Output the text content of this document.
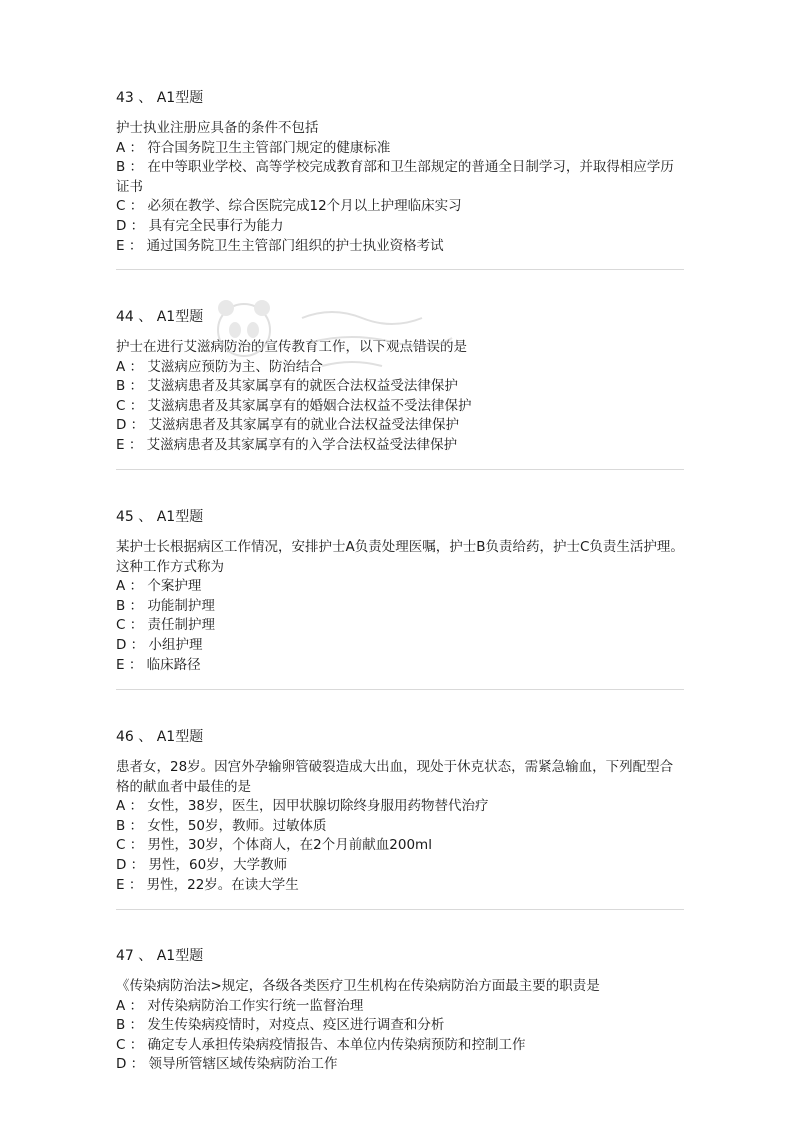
43 、 A1型题
护士执业注册应具备的条件不包括
A ： 符合国务院卫生主管部门规定的健康标准
B ： 在中等职业学校、高等学校完成教育部和卫生部规定的普通全日制学习，并取得相应学历证书
C ： 必须在教学、综合医院完成12个月以上护理临床实习
D ： 具有完全民事行为能力
E ： 通过国务院卫生主管部门组织的护士执业资格考试
44 、 A1型题
护士在进行艾滋病防治的宣传教育工作，以下观点错误的是
A ： 艾滋病应预防为主、防治结合
B ： 艾滋病患者及其家属享有的就医合法权益受法律保护
C ： 艾滋病患者及其家属享有的婚姻合法权益不受法律保护
D ： 艾滋病患者及其家属享有的就业合法权益受法律保护
E ： 艾滋病患者及其家属享有的入学合法权益受法律保护
45 、 A1型题
某护士长根据病区工作情况，安排护士A负责处理医嘱，护士B负责给药，护士C负责生活护理。这种工作方式称为
A ： 个案护理
B ： 功能制护理
C ： 责任制护理
D ： 小组护理
E ： 临床路径
46 、 A1型题
患者女，28岁。因宫外孕输卵管破裂造成大出血，现处于休克状态，需紧急输血，下列配型合格的献血者中最佳的是
A ： 女性，38岁，医生，因甲状腺切除终身服用药物替代治疗
B ： 女性，50岁，教师。过敏体质
C ： 男性，30岁，个体商人，在2个月前献血200ml
D ： 男性，60岁，大学教师
E ： 男性，22岁。在读大学生
47 、 A1型题
《传染病防治法>规定，各级各类医疗卫生机构在传染病防治方面最主要的职责是
A ： 对传染病防治工作实行统一监督治理
B ： 发生传染病疫情时，对疫点、疫区进行调查和分析
C ： 确定专人承担传染病疫情报告、本单位内传染病预防和控制工作
D ： 领导所管辖区域传染病防治工作
